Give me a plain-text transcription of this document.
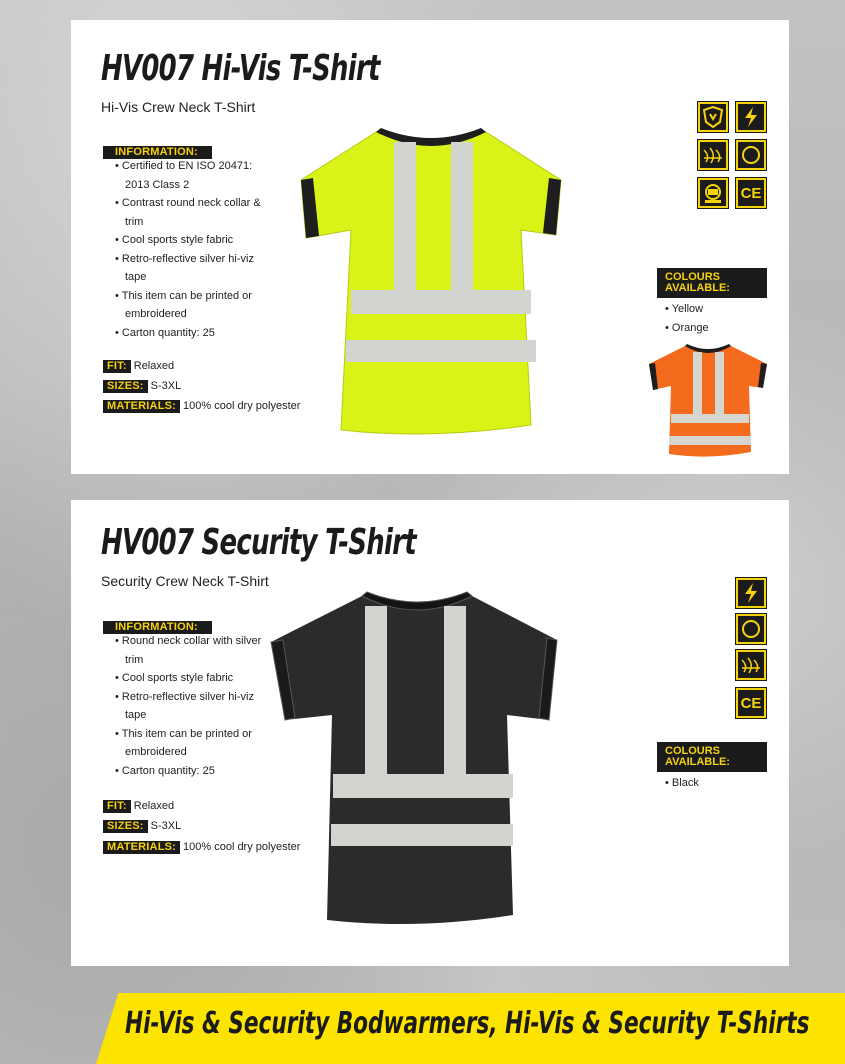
HV007 Hi-Vis T-Shirt
Hi-Vis Crew Neck T-Shirt
INFORMATION:
• Certified to EN ISO 20471: 2013 Class 2
• Contrast round neck collar & trim
• Cool sports style fabric
• Retro-reflective silver hi-viz tape
• This item can be printed or embroidered
• Carton quantity: 25
FIT: Relaxed
SIZES: S-3XL
MATERIALS: 100% cool dry polyester
CE
COLOURS
AVAILABLE:
• Yellow
• Orange
HV007 Security T-Shirt
Security Crew Neck T-Shirt
INFORMATION:
• Round neck collar with silver trim
• Cool sports style fabric
• Retro-reflective silver hi-viz tape
• This item can be printed or embroidered
• Carton quantity: 25
FIT: Relaxed
SIZES: S-3XL
MATERIALS: 100% cool dry polyester
CE
COLOURS
AVAILABLE:
• Black
Hi-Vis & Security Bodwarmers, Hi-Vis & Security T-Shirts
